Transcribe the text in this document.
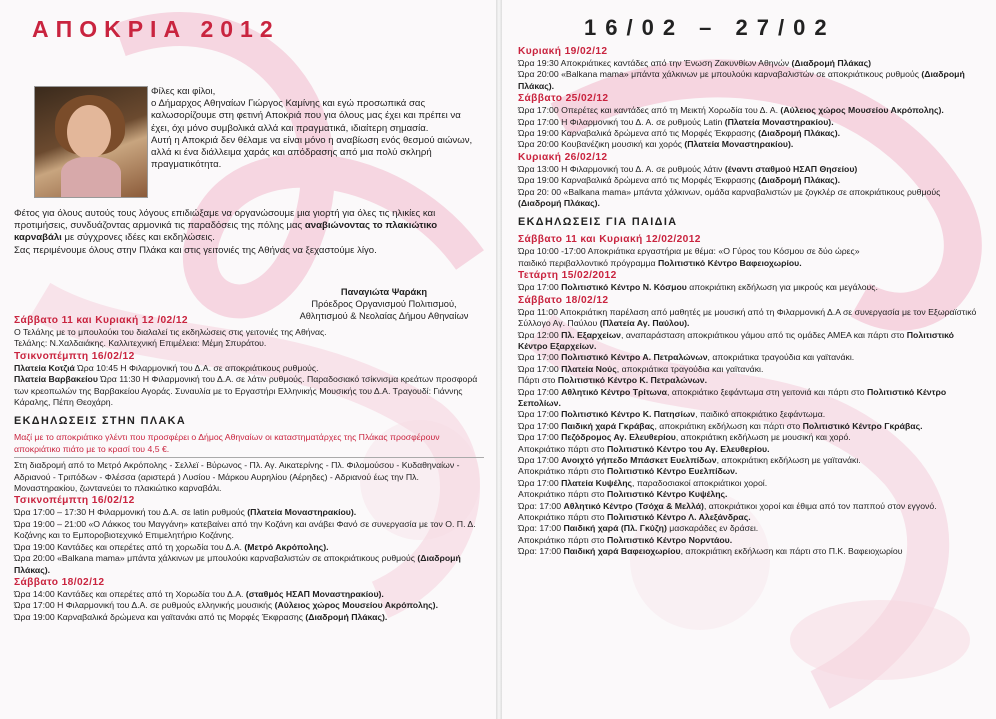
ΑΠΟΚΡΙΑ 2012

Φίλες και φίλοι,

ο Δήμαρχος Αθηναίων Γιώργος Καμίνης και εγώ προσωπικά σας καλωσορίζουμε στη φετινή Αποκριά που για όλους μας έχει και πρέπει να έχει, όχι μόνο συμβολικά αλλά και πραγματικά, ιδιαίτερη σημασία.

Αυτή η Αποκριά δεν θέλαμε να είναι μόνο η αναβίωση ενός θεσμού αιώνων, αλλά κι ένα διάλλειμα χαράς και απόδρασης από μια πολύ σκληρή πραγματικότητα.

Φέτος για όλους αυτούς τους λόγους επιδιώξαμε να οργανώσουμε μια γιορτή για όλες τις ηλικίες και προτιμήσεις, συνδυάζοντας αρμονικά τις παραδόσεις της πόλης μας αναβιώνοντας το πλακιώτικο καρναβάλι με σύγχρονες ιδέες και εκδηλώσεις.

Σας περιμένουμε όλους στην Πλάκα και στις γειτονιές της Αθήνας να ξεχαστούμε λίγο.

Παναγιώτα Ψαράκη
Πρόεδρος Οργανισμού Πολιτισμού,
Αθλητισμού & Νεολαίας Δήμου Αθηναίων
Σάββατο 11 και Κυριακή 12 /02/12

Ο Τελάλης με το μπουλούκι του διαλαλεί τις εκδηλώσεις στις γειτονιές της Αθήνας.

Τελάλης: Ν.Χαλδαιάκης. Καλλιτεχνική Επιμέλεια: Μέμη Σπυράτου.

Τσικνοπέμπτη 16/02/12

Πλατεία Κοτζιά Ώρα 10:45 Η Φιλαρμονική του Δ.Α. σε αποκριάτικους ρυθμούς.

Πλατεία Βαρβακείου Ώρα 11:30 Η Φιλαρμονική του Δ.Α. σε λάτιν ρυθμούς. Παραδοσιακό τσίκνισμα κρεάτων προσφορά των κρεοπωλών της Βαρβακείου Αγοράς. Συναυλία με το Εργαστήρι Ελληνικής Μουσικής του Δ.Α. Τραγουδί: Γιάννης Κάραλης, Πέπη Θεοχάρη.

ΕΚΔΗΛΩΣΕΙΣ ΣΤΗΝ ΠΛΑΚΑ

Μαζί με το αποκριάτικο γλέντι που προσφέρει ο Δήμος Αθηναίων οι καταστηματάρχες της Πλάκας προσφέρουν αποκριάτικο πιάτο με το κρασί του 4,5 €.

Στη διαδρομή από το Μετρό Ακρόπολης - Σελλεϊ - Βύρωνος - Πλ. Αγ. Αικατερίνης - Πλ. Φιλομούσου - Κυδαθηναίων - Αδριανού - Τριπόδων - Φλέσσα (αριστερά ) Λυσίου - Μάρκου Αυρηλίου (Αέρηδες) - Αδριανού έως την Πλ. Μοναστηρακίου, ζωντανεύει το πλακιώτικο καρναβάλι.

Τσικνοπέμπτη 16/02/12

Ώρα 17:00 – 17:30 Η Φιλαρμονική του Δ.Α. σε latin ρυθμούς (Πλατεία Μοναστηρακίου).

Ώρα 19:00 – 21:00 «Ο Λάκκος του Μαγγάνη» κατεβαίνει από την Κοζάνη και ανάβει Φανό σε συνεργασία με τον Ο. Π. Δ. Κοζάνης και το Εμποροβιοτεχνικό Επιμελητήριο Κοζάνης.

Ώρα 19:00 Καντάδες και οπερέτες από τη χορωδία του Δ.Α. (Μετρό Ακρόπολης).

Ώρα 20:00 «Balkana mama» μπάντα χάλκινων με μπουλούκι καρναβαλιστών σε αποκριάτικους ρυθμούς (Διαδρομή Πλάκας).

Σάββατο 18/02/12

Ώρα 14:00 Καντάδες και οπερέτες από τη Χορωδία του Δ.Α. (σταθμός ΗΣΑΠ Μοναστηρακίου).

Ώρα 17:00 Η Φιλαρμονική του Δ.Α. σε ρυθμούς ελληνικής μουσικής (Αύλειος χώρος Μουσείου Ακρόπολης).

Ώρα 19:00 Καρναβαλικά δρώμενα και γαϊτανάκι από τις Μορφές Έκφρασης (Διαδρομή Πλάκας).

16/02 – 27/02
Κυριακή 19/02/12

Ώρα 19:30 Αποκριάτικες καντάδες από την Ένωση Ζακυνθίων Αθηνών (Διαδρομή Πλάκας)

Ώρα 20:00 «Balkana mama» μπάντα χάλκινων με μπουλούκι καρναβαλιστών σε αποκριάτικους ρυθμούς (Διαδρομή Πλάκας).

Σάββατο 25/02/12

Ώρα 17:00 Οπερέτες και καντάδες από τη Μεικτή Χορωδία του Δ. Α. (Αύλειος χώρος Μουσείου Ακρόπολης).

Ώρα 17:00 Η Φιλαρμονική του Δ. Α. σε ρυθμούς Latin (Πλατεία Μοναστηρακίου).

Ώρα 19:00 Καρναβαλικά δρώμενα από τις Μορφές Έκφρασης (Διαδρομή Πλάκας).

Ώρα 20:00 Κουβανέζικη μουσική και χορός (Πλατεία Μοναστηρακίου).

Κυριακή 26/02/12

Ώρα 13:00 Η Φιλαρμονική του Δ. Α. σε ρυθμούς λάτιν (έναντι σταθμού ΗΣΑΠ Θησείου)

Ώρα 19:00 Καρναβαλικά δρώμενα από τις Μορφές Έκφρασης (Διαδρομή Πλάκας).

Ώρα 20: 00 «Balkana mama» μπάντα χάλκινων, ομάδα καρναβαλιστών με ζογκλέρ σε αποκριάτικους ρυθμούς (Διαδρομή Πλάκας).

ΕΚΔΗΛΩΣΕΙΣ ΓΙΑ ΠΑΙΔΙΑ
Σάββατο 11 και Κυριακή 12/02/2012

Ώρα 10:00 -17:00 Αποκριάτικα εργαστήρια με θέμα: «Ο Γύρος του Κόσμου σε δύο ώρες»

παιδικό περιβαλλοντικό πρόγραμμα Πολιτιστικό Κέντρο Βαφειοχωρίου.

Τετάρτη 15/02/2012

Ώρα 17:00 Πολιτιστικό Κέντρο Ν. Κόσμου αποκριάτικη εκδήλωση για μικρούς και μεγάλους.

Σάββατο 18/02/12

Ώρα 11:00 Αποκριάτικη παρέλαση από μαθητές με μουσική από τη Φιλαρμονική Δ.Α σε συνεργασία με τον Εξωραϊστικό Σύλλογο Αγ. Παύλου (Πλατεία Αγ. Παύλου).

Ώρα 12:00 Πλ. Εξαρχείων, αναπαράσταση αποκριάτικου γάμου από τις ομάδες ΑΜΕΑ και πάρτι στο Πολιτιστικό Κέντρο Εξαρχείων.

Ώρα 17:00 Πολιτιστικό Κέντρο Α. Πετραλώνων, αποκριάτικα τραγούδια και γαϊτανάκι.

Ώρα 17:00 Πλατεία Νούς, αποκριάτικα τραγούδια και γαϊτανάκι.

Πάρτι στο Πολιτιστικό Κέντρο Κ. Πετραλώνων.

Ώρα 17:00 Αθλητικό Κέντρο Τρίτωνα, αποκριάτικο ξεφάντωμα στη γειτονιά και πάρτι στο Πολιτιστικό Κέντρο Σεπολίων.

Ώρα 17:00 Πολιτιστικό Κέντρο Κ. Πατησίων, παιδικό αποκριάτικο ξεφάντωμα.

Ώρα 17:00 Παιδική χαρά Γκράβας, αποκριάτικη εκδήλωση και πάρτι στο Πολιτιστικό Κέντρο Γκράβας.

Ώρα 17:00 Πεζόδρομος Αγ. Ελευθερίου, αποκριάτικη εκδήλωση με μουσική και χορό.

Αποκριάτικο πάρτι στο Πολιτιστικό Κέντρο του Αγ. Ελευθερίου.

Ώρα 17:00 Ανοιχτό γήπεδο Μπάσκετ Ευελπίδων, αποκριάτικη εκδήλωση με γαϊτανάκι.

Αποκριάτικο πάρτι στο Πολιτιστικό Κέντρο Ευελπίδων.

Ώρα 17:00 Πλατεία Κυψέλης, παραδοσιακοί αποκριάτικοι χοροί.

Αποκριάτικο πάρτι στο Πολιτιστικό Κέντρο Κυψέλης.

Ώρα: 17:00 Αθλητικό Κέντρο (Τσόχα & Μελλά), αποκριάτικοι χοροί και έθιμα από τον παππού στον εγγονό. Αποκριάτικο πάρτι στο Πολιτιστικό Κέντρο Λ. Αλεξάνδρας.

Ώρα: 17:00 Παιδική χαρά (Πλ. Γκύζη) μασκαράδες εν δράσει.

Αποκριάτικο πάρτι στο Πολιτιστικό Κέντρο Νορντάου.

Ώρα: 17:00 Παιδική χαρά Βαφειοχωρίου, αποκριάτικη εκδήλωση και πάρτι στο Π.Κ. Βαφειοχωρίου
